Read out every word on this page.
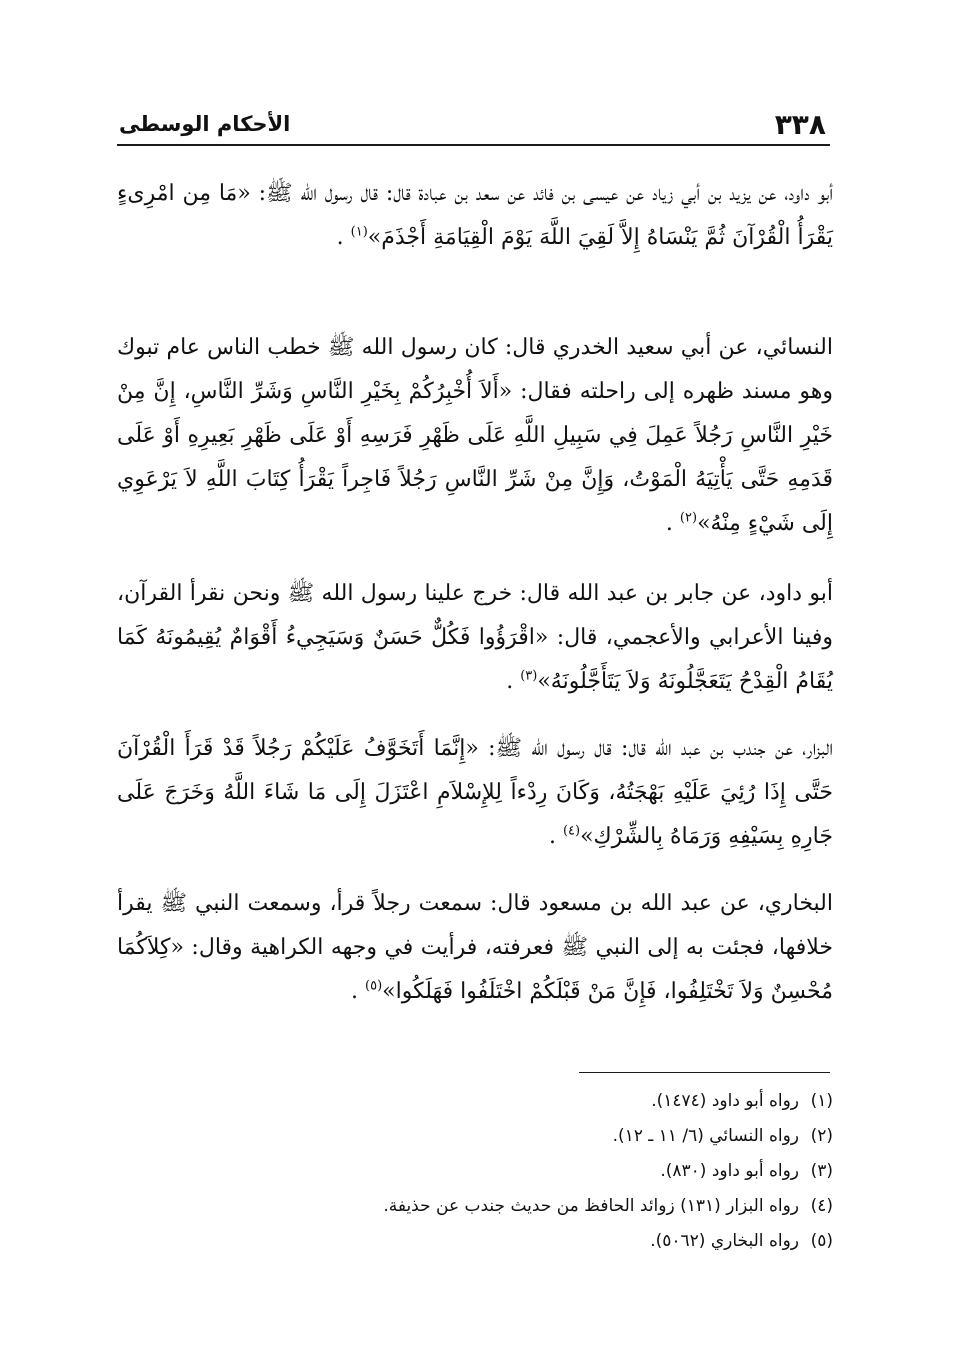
٣٣٨
الأحكام الوسطى

أبو داود، عن يزيد بن أبي زياد عن عيسى بن فائد عن سعد بن عبادة قال: قال رسول الله ﷺ: «مَا مِن امْرِىءٍ يَقْرَأُ الْقُرْآنَ ثُمَّ يَنْسَاهُ إِلاَّ لَقِيَ اللَّهَ يَوْمَ الْقِيَامَةِ أَجْذَمَ»$^{(١)}$ .

النسائي، عن أبي سعيد الخدري قال: كان رسول الله ﷺ خطب الناس عام تبوك وهو مسند ظهره إلى راحلته فقال: «أَلاَ أُخْبِرُكُمْ بِخَيْرِ النَّاسِ وَشَرِّ النَّاسِ، إِنَّ مِنْ خَيْرِ النَّاسِ رَجُلاً عَمِلَ فِي سَبِيلِ اللَّهِ عَلَى ظَهْرِ فَرَسِهِ أَوْ عَلَى ظَهْرِ بَعِيرِهِ أَوْ عَلَى قَدَمِهِ حَتَّى يَأْتِيَهُ الْمَوْتُ، وَإِنَّ مِنْ شَرِّ النَّاسِ رَجُلاً فَاجِراً يَقْرَأُ كِتَابَ اللَّهِ لاَ يَرْعَوِي إِلَى شَيْءٍ مِنْهُ»$^{(٢)}$ .

أبو داود، عن جابر بن عبد الله قال: خرج علينا رسول الله ﷺ ونحن نقرأ القرآن، وفينا الأعرابي والأعجمي، قال: «اقْرَؤُوا فَكُلٌّ حَسَنٌ وَسَيَجِيءُ أَقْوَامٌ يُقِيمُونَهُ كَمَا يُقَامُ الْقِدْحُ يَتَعَجَّلُونَهُ وَلاَ يَتَأَجَّلُونَهُ»$^{(٣)}$ .

البزار، عن جندب بن عبد الله قال: قال رسول الله ﷺ: «إِنَّمَا أَتَخَوَّفُ عَلَيْكُمْ رَجُلاً قَدْ قَرَأَ الْقُرْآنَ حَتَّى إِذَا رُئِيَ عَلَيْهِ بَهْجَتُهُ، وَكَانَ رِدْءاً لِلإِسْلاَمِ اعْتَزَلَ إِلَى مَا شَاءَ اللَّهُ وَخَرَجَ عَلَى جَارِهِ بِسَيْفِهِ وَرَمَاهُ بِالشِّرْكِ»$^{(٤)}$ .

البخاري، عن عبد الله بن مسعود قال: سمعت رجلاً قرأ، وسمعت النبي ﷺ يقرأ خلافها، فجئت به إلى النبي ﷺ فعرفته، فرأيت في وجهه الكراهية وقال: «كِلاَكُمَا مُحْسِنٌ وَلاَ تَخْتَلِفُوا، فَإِنَّ مَنْ قَبْلَكُمْ اخْتَلَفُوا فَهَلَكُوا»$^{(٥)}$ .

(١)رواه أبو داود (١٤٧٤).
(٢)رواه النسائي (٦/ ١١ ـ ١٢).
(٣)رواه أبو داود (٨٣٠).
(٤)رواه البزار (١٣١) زوائد الحافظ من حديث جندب عن حذيفة.
(٥)رواه البخاري (٥٠٦٢).
